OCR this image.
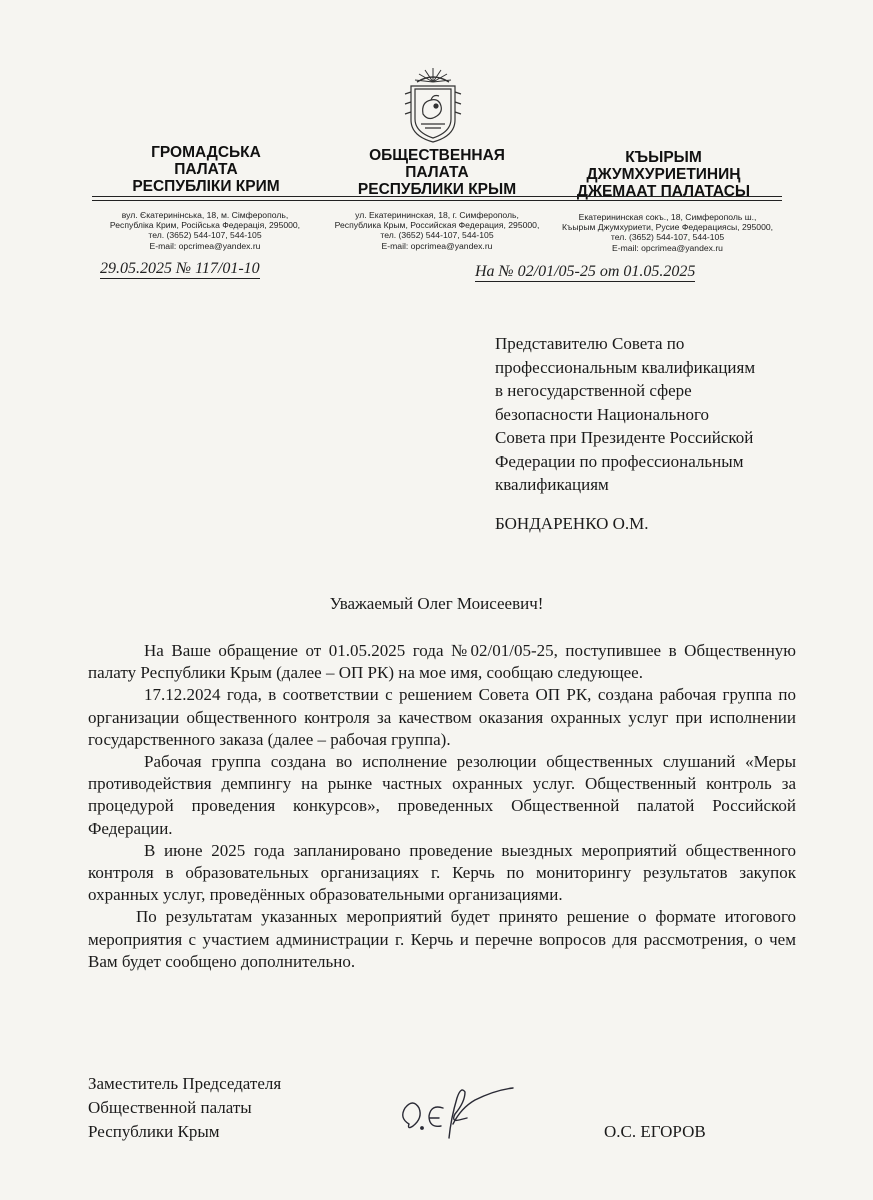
ГРОМАДСЬКА
ПАЛАТА
РЕСПУБЛІКИ КРИМ
ОБЩЕСТВЕННАЯ
ПАЛАТА
РЕСПУБЛИКИ КРЫМ
КЪЫРЫМ
ДЖУМХУРИЕТИНИҢ
ДЖЕМААТ ПАЛАТАСЫ
вул. Єкатеринінська, 18, м. Сімферополь,
Республіка Крим, Російська Федерація, 295000,
тел. (3652) 544-107, 544-105
E-mail: opcrimea@yandex.ru
ул. Екатерининская, 18, г. Симферополь,
Республика Крым, Российская Федерация, 295000,
тел. (3652) 544-107, 544-105
E-mail: opcrimea@yandex.ru
Екатерининская сокъ., 18, Симферополь ш.,
Къырым Джумхуриети, Русие Федерациясы, 295000,
тел. (3652) 544-107, 544-105
E-mail: opcrimea@yandex.ru
29.05.2025 № 117/01-10	На № 02/01/05-25 от 01.05.2025
Представителю Совета по
профессиональным квалификациям
в негосударственной сфере
безопасности Национального
Совета при Президенте Российской
Федерации по профессиональным
квалификациям
БОНДАРЕНКО О.М.
Уважаемый Олег Моисеевич!

На Ваше обращение от 01.05.2025 года №02/01/05-25, поступившее в Общественную палату Республики Крым (далее – ОП РК) на мое имя, сообщаю следующее.

17.12.2024 года, в соответствии с решением Совета ОП РК, создана рабочая группа по организации общественного контроля за качеством оказания охранных услуг при исполнении государственного заказа (далее – рабочая группа).

Рабочая группа создана во исполнение резолюции общественных слушаний «Меры противодействия демпингу на рынке частных охранных услуг. Общественный контроль за процедурой проведения конкурсов», проведенных Общественной палатой Российской Федерации.

В июне 2025 года запланировано проведение выездных мероприятий общественного контроля в образовательных организациях г. Керчь по мониторингу результатов закупок охранных услуг, проведённых образовательными организациями.

По результатам указанных мероприятий будет принято решение о формате итогового мероприятия с участием администрации г. Керчь и перечне вопросов для рассмотрения, о чем Вам будет сообщено дополнительно.

Заместитель Председателя
Общественной палаты
Республики Крым	О.С. ЕГОРОВ
